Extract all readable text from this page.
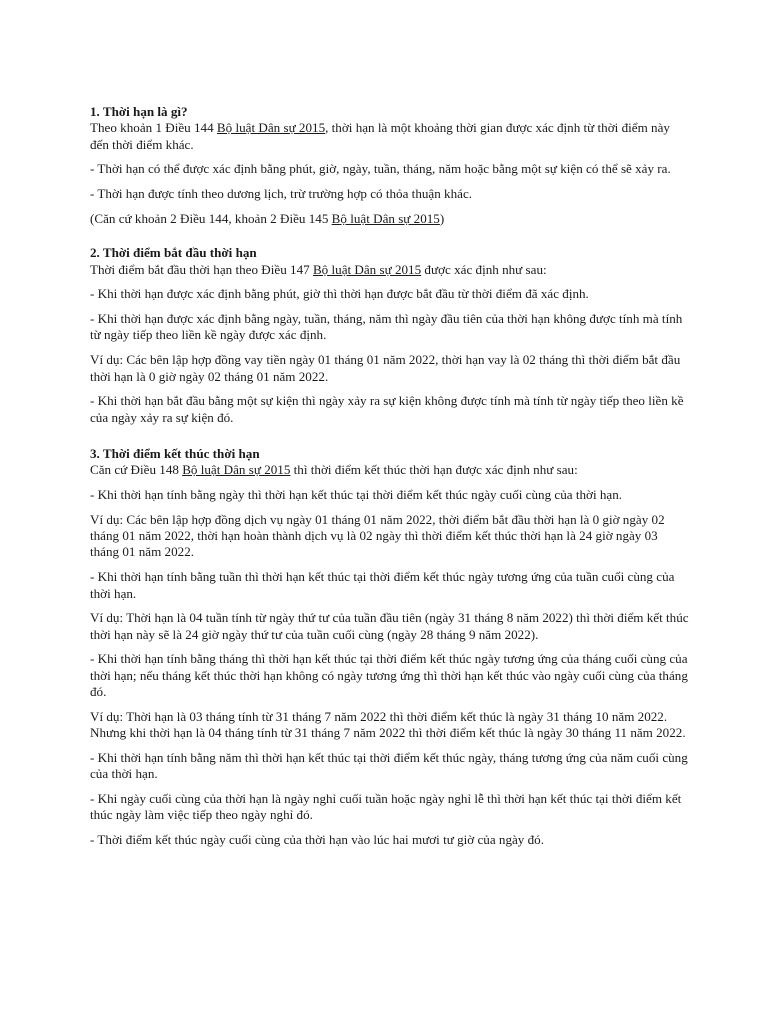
1. Thời hạn là gì?

Theo khoản 1 Điều 144 Bộ luật Dân sự 2015, thời hạn là một khoảng thời gian được xác định từ thời điểm này đến thời điểm khác.

- Thời hạn có thể được xác định bằng phút, giờ, ngày, tuần, tháng, năm hoặc bằng một sự kiện có thể sẽ xảy ra.

- Thời hạn được tính theo dương lịch, trừ trường hợp có thỏa thuận khác.

(Căn cứ khoản 2 Điều 144, khoản 2 Điều 145 Bộ luật Dân sự 2015)

2. Thời điểm bắt đầu thời hạn

Thời điểm bắt đầu thời hạn theo Điều 147 Bộ luật Dân sự 2015 được xác định như sau:

- Khi thời hạn được xác định bằng phút, giờ thì thời hạn được bắt đầu từ thời điểm đã xác định.

- Khi thời hạn được xác định bằng ngày, tuần, tháng, năm thì ngày đầu tiên của thời hạn không được tính mà tính từ ngày tiếp theo liền kề ngày được xác định.

Ví dụ: Các bên lập hợp đồng vay tiền ngày 01 tháng 01 năm 2022, thời hạn vay là 02 tháng thì thời điểm bắt đầu thời hạn là 0 giờ ngày 02 tháng 01 năm 2022.

- Khi thời hạn bắt đầu bằng một sự kiện thì ngày xảy ra sự kiện không được tính mà tính từ ngày tiếp theo liền kề của ngày xảy ra sự kiện đó.

3. Thời điểm kết thúc thời hạn

Căn cứ Điều 148 Bộ luật Dân sự 2015 thì thời điểm kết thúc thời hạn được xác định như sau:

- Khi thời hạn tính bằng ngày thì thời hạn kết thúc tại thời điểm kết thúc ngày cuối cùng của thời hạn.

Ví dụ: Các bên lập hợp đồng dịch vụ ngày 01 tháng 01 năm 2022, thời điểm bắt đầu thời hạn là 0 giờ ngày 02 tháng 01 năm 2022, thời hạn hoàn thành dịch vụ là 02 ngày thì thời điểm kết thúc thời hạn là 24 giờ ngày 03 tháng 01 năm 2022.

- Khi thời hạn tính bằng tuần thì thời hạn kết thúc tại thời điểm kết thúc ngày tương ứng của tuần cuối cùng của thời hạn.

Ví dụ: Thời hạn là 04 tuần tính từ ngày thứ tư của tuần đầu tiên (ngày 31 tháng 8 năm 2022) thì thời điểm kết thúc thời hạn này sẽ là 24 giờ ngày thứ tư của tuần cuối cùng (ngày 28 tháng 9 năm 2022).

- Khi thời hạn tính bằng tháng thì thời hạn kết thúc tại thời điểm kết thúc ngày tương ứng của tháng cuối cùng của thời hạn; nếu tháng kết thúc thời hạn không có ngày tương ứng thì thời hạn kết thúc vào ngày cuối cùng của tháng đó.

Ví dụ: Thời hạn là 03 tháng tính từ 31 tháng 7 năm 2022 thì thời điểm kết thúc là ngày 31 tháng 10 năm 2022. Nhưng khi thời hạn là 04 tháng tính từ 31 tháng 7 năm 2022 thì thời điểm kết thúc là ngày 30 tháng 11 năm 2022.

- Khi thời hạn tính bằng năm thì thời hạn kết thúc tại thời điểm kết thúc ngày, tháng tương ứng của năm cuối cùng của thời hạn.

- Khi ngày cuối cùng của thời hạn là ngày nghỉ cuối tuần hoặc ngày nghỉ lễ thì thời hạn kết thúc tại thời điểm kết thúc ngày làm việc tiếp theo ngày nghỉ đó.

- Thời điểm kết thúc ngày cuối cùng của thời hạn vào lúc hai mươi tư giờ của ngày đó.
